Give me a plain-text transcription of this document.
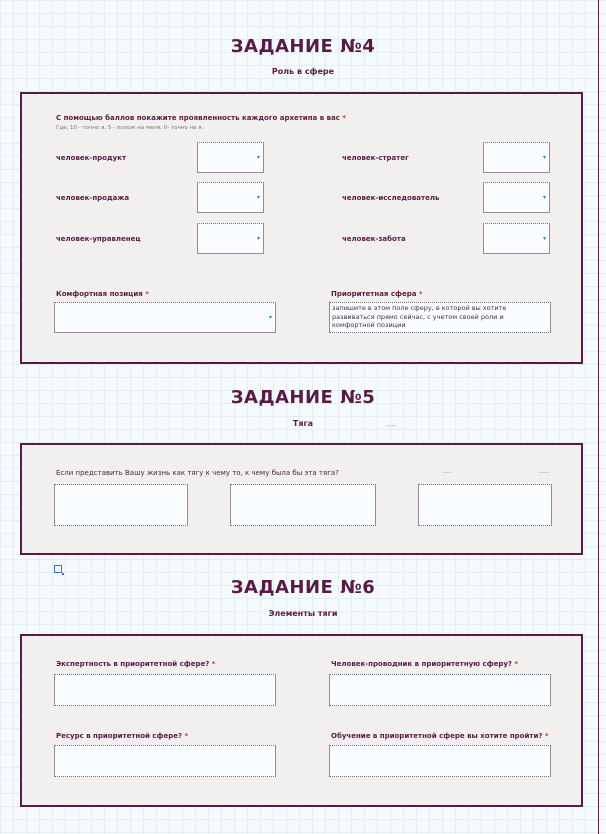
ЗАДАНИЕ №4
Роль в сфере
С помощью баллов покажите проявленность каждого архетипа в вас *
Где, 10 - точно я, 5 - похож на меня, 0- точно не я.
человек-продукт	▾	человек-стратег	▾
человек-продажа	▾	человек-исследователь	▾
человек-управленец	▾	человек-забота	▾
Комфортная позиция *
▾
Приоритетная сфера *
запишите в этом поле сферу, в которой вы хотите развиваться прямо сейчас, с учетом своей роли и комфортной позиции
ЗАДАНИЕ №5
Тяга
Если представить Вашу жизнь как тягу к чему то, к чему была бы эта тяга?
ЗАДАНИЕ №6
Элементы тяги
Экспертность в приоритетной сфере? *	Человек-проводник в приоритетную сферу? *
Ресурс в приоритетной сфере? *	Обучение в приоритетной сфере вы хотите пройти? *
